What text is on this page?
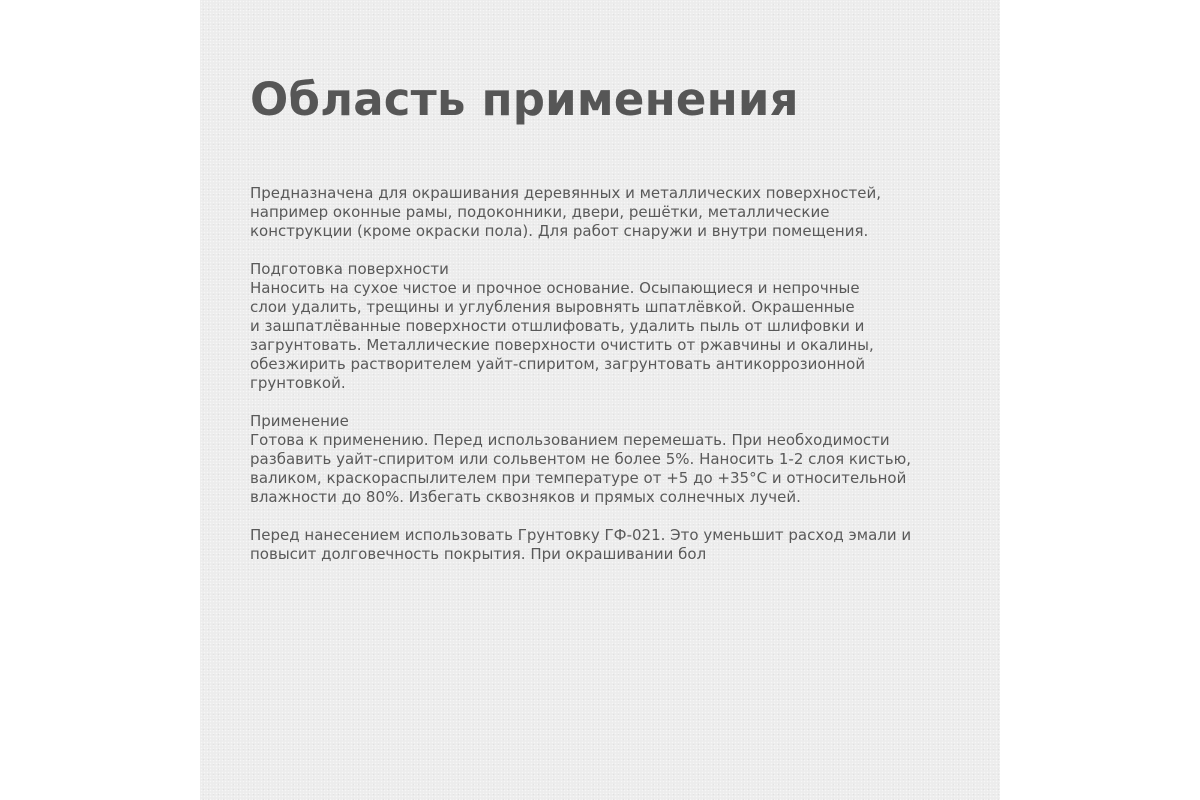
Область применения

Предназначена для окрашивания деревянных и металлических поверхностей,
например оконные рамы, подоконники, двери, решётки, металлические
конструкции (кроме окраски пола). Для работ снаружи и внутри помещения.

Подготовка поверхности
Наносить на сухое чистое и прочное основание. Осыпающиеся и непрочные
слои удалить, трещины и углубления выровнять шпатлёвкой. Окрашенные
и зашпатлёванные поверхности отшлифовать, удалить пыль от шлифовки и
загрунтовать. Металлические поверхности очистить от ржавчины и окалины,
обезжирить растворителем уайт-спиритом, загрунтовать антикоррозионной
грунтовкой.

Применение
Готова к применению. Перед использованием перемешать. При необходимости
разбавить уайт-спиритом или сольвентом не более 5%. Наносить 1-2 слоя кистью,
валиком, краскораспылителем при температуре от +5 до +35°С и относительной
влажности до 80%. Избегать сквозняков и прямых солнечных лучей.

Перед нанесением использовать Грунтовку ГФ-021. Это уменьшит расход эмали и
повысит долговечность покрытия. При окрашивании бол
